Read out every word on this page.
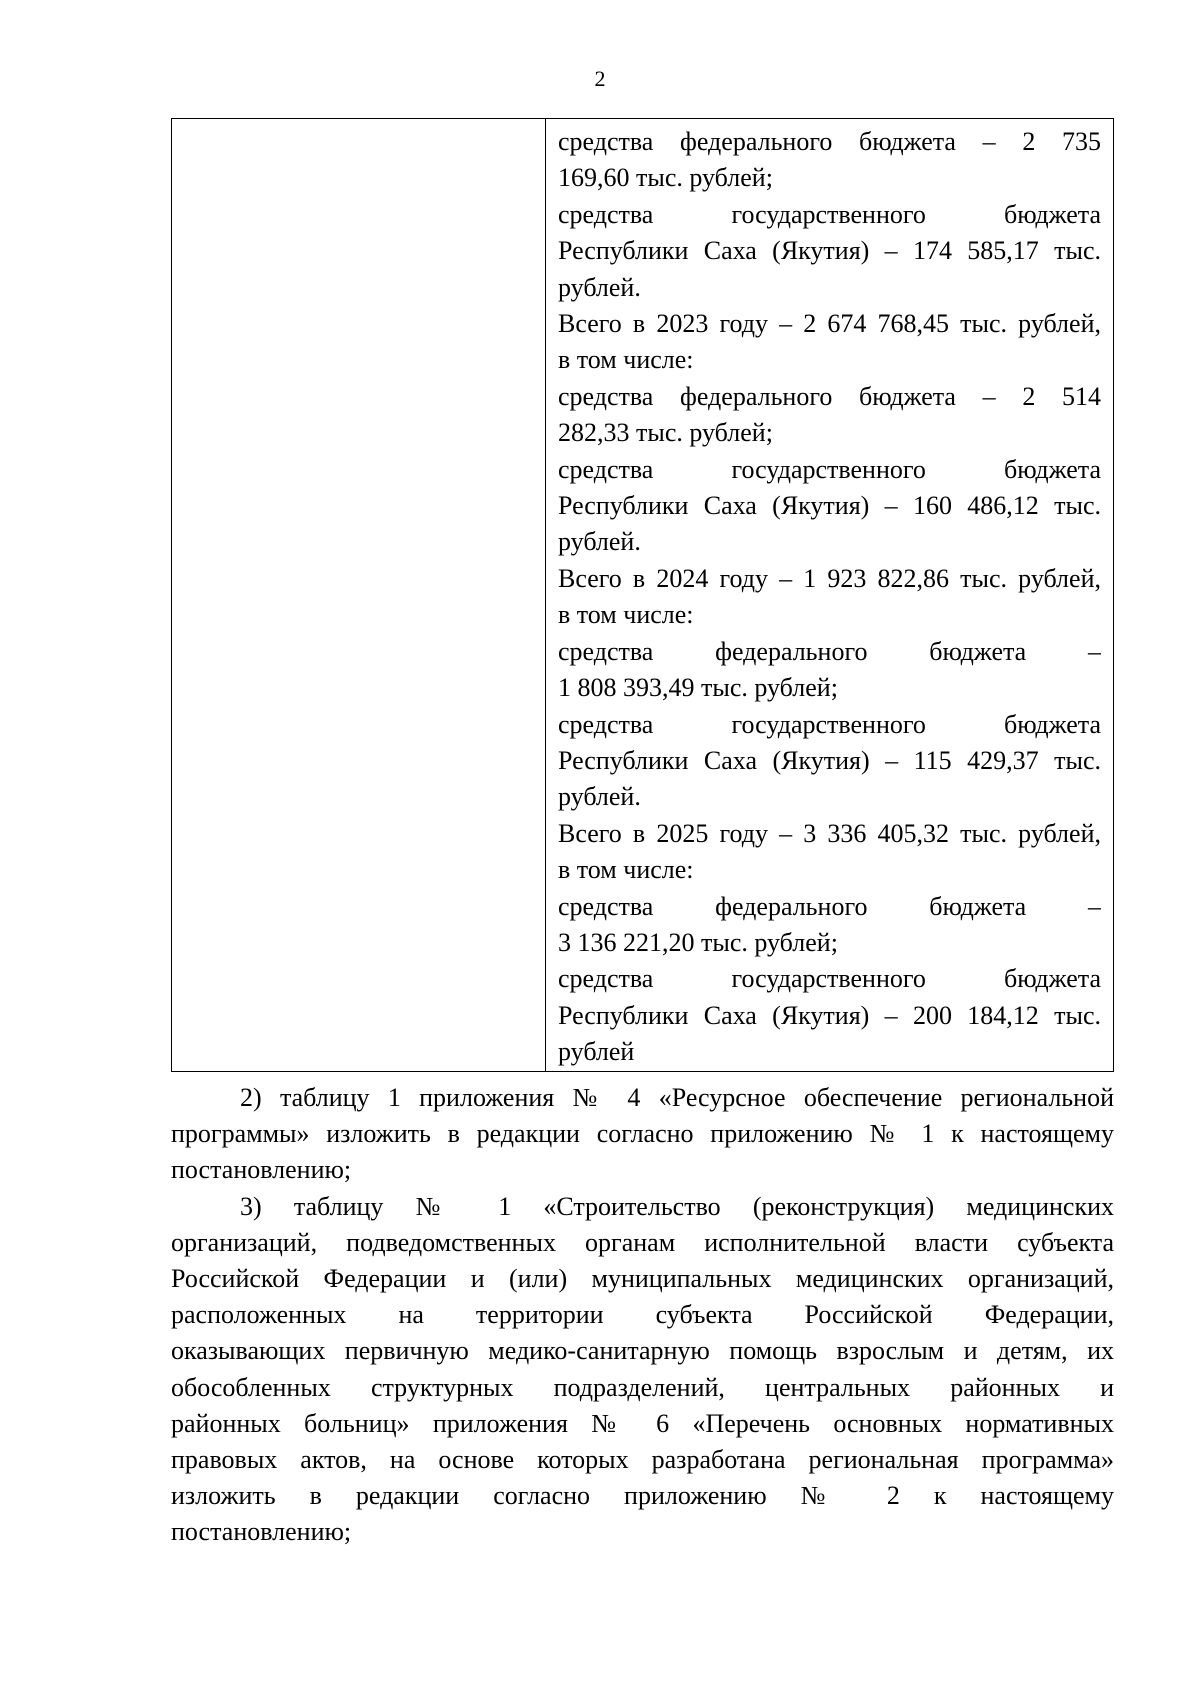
2

средства федерального бюджета – 2 735
169,60 тыс. рублей;
средства государственного бюджета
Республики Саха (Якутия) – 174 585,17 тыс.
рублей.
Всего в 2023 году – 2 674 768,45 тыс. рублей,
в том числе:
средства федерального бюджета – 2 514
282,33 тыс. рублей;
средства государственного бюджета
Республики Саха (Якутия) – 160 486,12 тыс.
рублей.
Всего в 2024 году – 1 923 822,86 тыс. рублей,
в том числе:
средства федерального бюджета –
1 808 393,49 тыс. рублей;
средства государственного бюджета
Республики Саха (Якутия) – 115 429,37 тыс.
рублей.
Всего в 2025 году – 3 336 405,32 тыс. рублей,
в том числе:
средства федерального бюджета –
3 136 221,20 тыс. рублей;
средства государственного бюджета
Республики Саха (Якутия) – 200 184,12 тыс.
рублей
2) таблицу 1 приложения № 4 «Ресурсное обеспечение региональной
программы» изложить в редакции согласно приложению № 1 к настоящему
постановлению;
3) таблицу № 1 «Строительство (реконструкция) медицинских
организаций, подведомственных органам исполнительной власти субъекта
Российской Федерации и (или) муниципальных медицинских организаций,
расположенных на территории субъекта Российской Федерации,
оказывающих первичную медико-санитарную помощь взрослым и детям, их
обособленных структурных подразделений, центральных районных и
районных больниц» приложения № 6 «Перечень основных нормативных
правовых актов, на основе которых разработана региональная программа»
изложить в редакции согласно приложению № 2 к настоящему
постановлению;
